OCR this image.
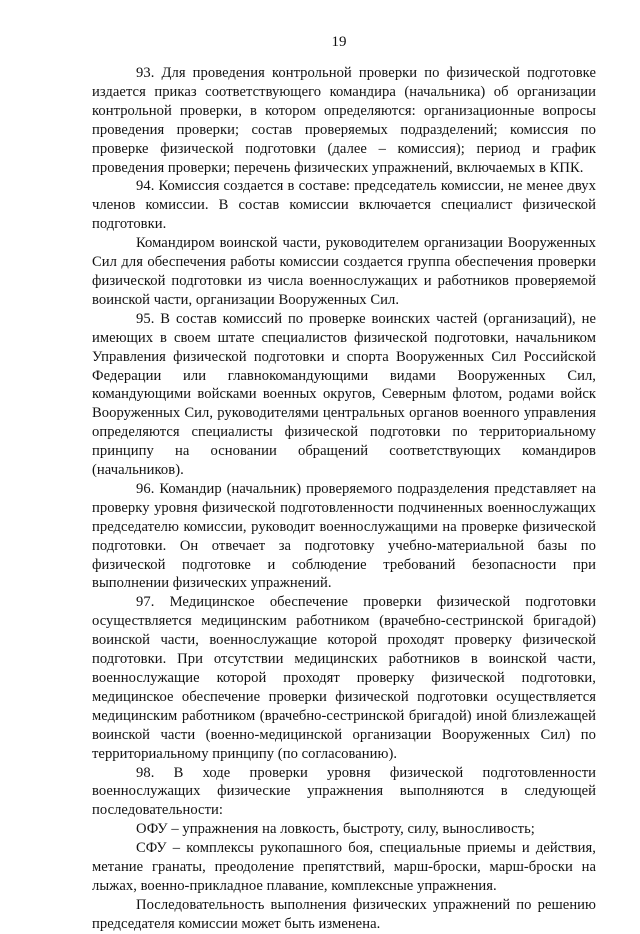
19

93. Для проведения контрольной проверки по физической подготовке издается приказ соответствующего командира (начальника) об организации контрольной проверки, в котором определяются: организационные вопросы проведения проверки; состав проверяемых подразделений; комиссия по проверке физической подготовки (далее – комиссия); период и график проведения проверки; перечень физических упражнений, включаемых в КПК.

94. Комиссия создается в составе: председатель комиссии, не менее двух членов комиссии. В состав комиссии включается специалист физической подготовки.

Командиром воинской части, руководителем организации Вооруженных Сил для обеспечения работы комиссии создается группа обеспечения проверки физической подготовки из числа военнослужащих и работников проверяемой воинской части, организации Вооруженных Сил.

95. В состав комиссий по проверке воинских частей (организаций), не имеющих в своем штате специалистов физической подготовки, начальником Управления физической подготовки и спорта Вооруженных Сил Российской Федерации или главнокомандующими видами Вооруженных Сил, командующими войсками военных округов, Северным флотом, родами войск Вооруженных Сил, руководителями центральных органов военного управления определяются специалисты физической подготовки по территориальному принципу на основании обращений соответствующих командиров (начальников).

96. Командир (начальник) проверяемого подразделения представляет на проверку уровня физической подготовленности подчиненных военнослужащих председателю комиссии, руководит военнослужащими на проверке физической подготовки. Он отвечает за подготовку учебно-материальной базы по физической подготовке и соблюдение требований безопасности при выполнении физических упражнений.

97. Медицинское обеспечение проверки физической подготовки осуществляется медицинским работником (врачебно-сестринской бригадой) воинской части, военнослужащие которой проходят проверку физической подготовки. При отсутствии медицинских работников в воинской части, военнослужащие которой проходят проверку физической подготовки, медицинское обеспечение проверки физической подготовки осуществляется медицинским работником (врачебно-сестринской бригадой) иной близлежащей воинской части (военно-медицинской организации Вооруженных Сил) по территориальному принципу (по согласованию).

98. В ходе проверки уровня физической подготовленности военнослужащих физические упражнения выполняются в следующей последовательности:

ОФУ – упражнения на ловкость, быстроту, силу, выносливость;

СФУ – комплексы рукопашного боя, специальные приемы и действия, метание гранаты, преодоление препятствий, марш-броски, марш-броски на лыжах, военно-прикладное плавание, комплексные упражнения.

Последовательность выполнения физических упражнений по решению председателя комиссии может быть изменена.
